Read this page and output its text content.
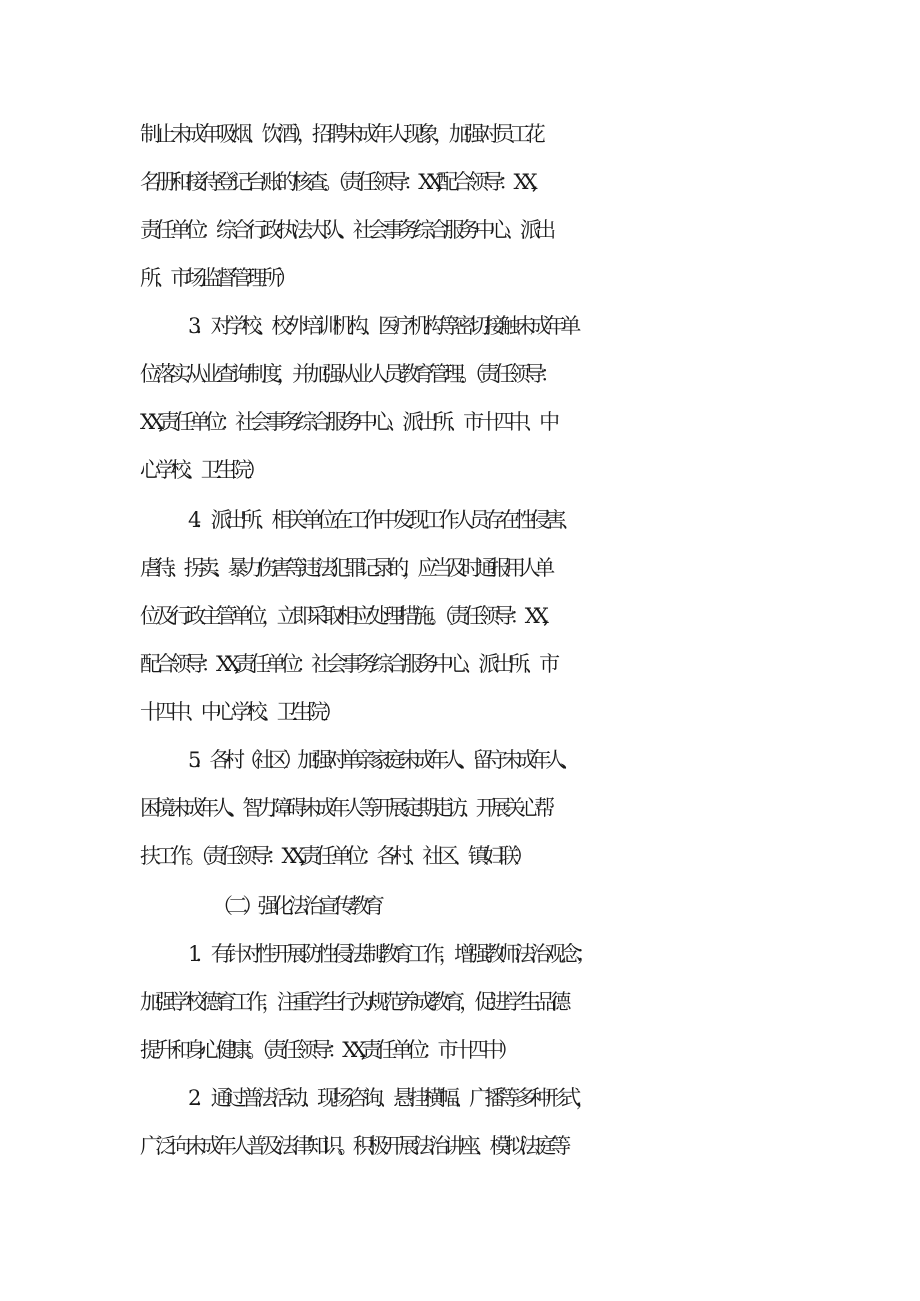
制止未成年吸烟、饮酒），招聘未成年人现象，加强对员工花
名册和接待登记台账的核查。（责任领导：XX,配合领导：XX,
责任单位：综合行政执法大队、社会事务综合服务中心、派出
所、市场监督管理所）
3．对学校、校外培训机构、医疗机构等密切接触未成年单
位落实从业查询制度，并加强从业人员教育管理。（责任领导：
XX,责任单位：社会事务综合服务中心、派出所、市十四中、中
心学校、卫生院）
4．派出所、相关单位在工作中发现工作人员存在性侵害、
虐待、拐卖、暴力伤害等违法犯罪记录的，应当及时通报用人单
位及行政主管单位，立即采取相应处理措施。（责任领导：XX,
配合领导：XX,责任单位：社会事务综合服务中心、派出所、市
十四中、中心学校、卫生院）
5．各村（社区）加强对单亲家庭未成年人、留守未成年人、
困境未成年人、智力障碍未成年人等开展定期走访、开展关心帮
扶工作。（责任领导：XX,责任单位：各村、社区、镇妇联）
（二）强化法治宣传教育
1．有针对性开展防性侵法制教育工作，增强教师法治观念；
加强学校德育工作，注重学生行为规范养成教育，促进学生品德
提升和身心健康。（责任领导：XX,责任单位：市十四中）
2．通过普法活动、现场咨询、悬挂横幅、广播等多种形式，
广泛向未成年人普及法律知识。积极开展法治讲座、模拟法庭等
